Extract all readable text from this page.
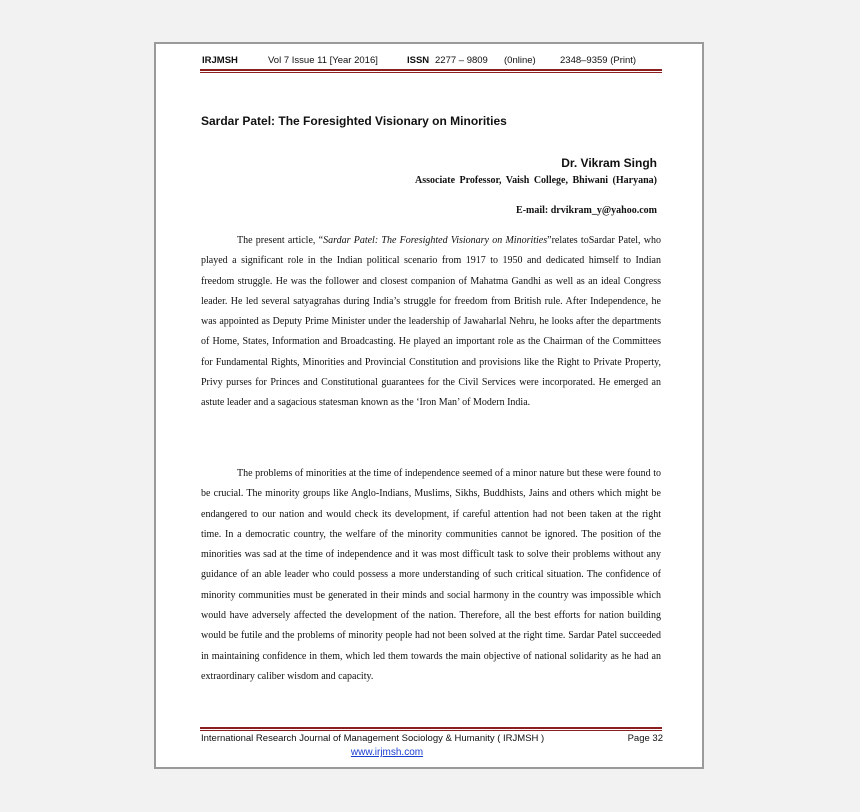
IRJMSH	Vol 7 Issue 11 [Year 2016]	ISSN 2277 – 9809 (0nline)	2348–9359 (Print)
Sardar Patel: The Foresighted Visionary on Minorities
Dr. Vikram Singh
Associate Professor, Vaish College, Bhiwani (Haryana)
E-mail: drvikram_y@yahoo.com

The present article, “Sardar Patel: The Foresighted Visionary on Minorities”relates toSardar Patel, who played a significant role in the Indian political scenario from 1917 to 1950 and dedicated himself to Indian freedom struggle. He was the follower and closest companion of Mahatma Gandhi as well as an ideal Congress leader. He led several satyagrahas during India’s struggle for freedom from British rule. After Independence, he was appointed as Deputy Prime Minister under the leadership of Jawaharlal Nehru, he looks after the departments of Home, States, Information and Broadcasting. He played an important role as the Chairman of the Committees for Fundamental Rights, Minorities and Provincial Constitution and provisions like the Right to Private Property, Privy purses for Princes and Constitutional guarantees for the Civil Services were incorporated. He emerged an astute leader and a sagacious statesman known as the ‘Iron Man’ of Modern India.

The problems of minorities at the time of independence seemed of a minor nature but these were found to be crucial. The minority groups like Anglo-Indians, Muslims, Sikhs, Buddhists, Jains and others which might be endangered to our nation and would check its development, if careful attention had not been taken at the right time. In a democratic country, the welfare of the minority communities cannot be ignored. The position of the minorities was sad at the time of independence and it was most difficult task to solve their problems without any guidance of an able leader who could possess a more understanding of such critical situation. The confidence of minority communities must be generated in their minds and social harmony in the country was impossible which would have adversely affected the development of the nation. Therefore, all the best efforts for nation building would be futile and the problems of minority people had not been solved at the right time. Sardar Patel succeeded in maintaining confidence in them, which led them towards the main objective of national solidarity as he had an extraordinary caliber wisdom and capacity.

International Research Journal of Management Sociology & Humanity ( IRJMSH )	Page 32
www.irjmsh.com
